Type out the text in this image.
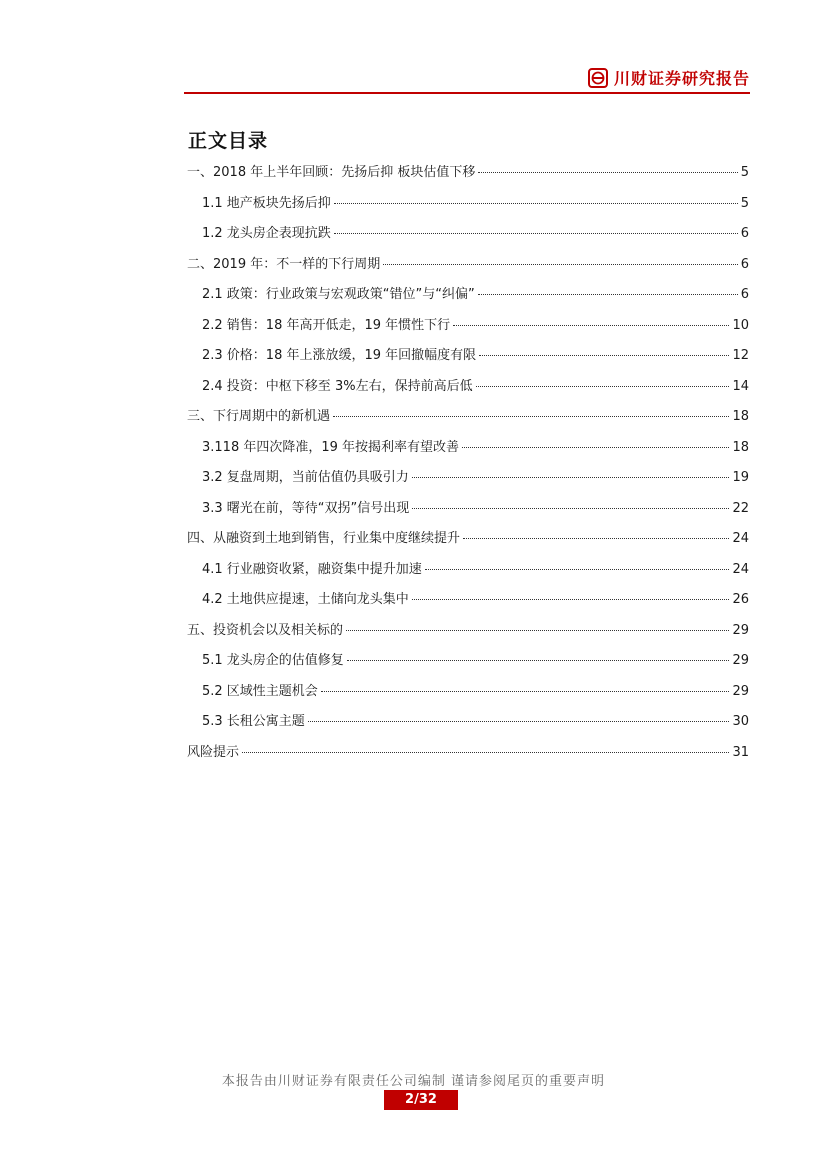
川财证券研究报告
正文目录
一、2018 年上半年回顾：先扬后抑 板块估值下移	5
1.1 地产板块先扬后抑	5
1.2 龙头房企表现抗跌	6
二、2019 年：不一样的下行周期	6
2.1 政策：行业政策与宏观政策“错位”与“纠偏”	6
2.2 销售：18 年高开低走，19 年惯性下行	10
2.3 价格：18 年上涨放缓，19 年回撤幅度有限	12
2.4 投资：中枢下移至 3%左右，保持前高后低	14
三、下行周期中的新机遇	18
3.118 年四次降准，19 年按揭利率有望改善	18
3.2 复盘周期，当前估值仍具吸引力	19
3.3 曙光在前，等待“双拐”信号出现	22
四、从融资到土地到销售，行业集中度继续提升	24
4.1 行业融资收紧，融资集中提升加速	24
4.2 土地供应提速，土储向龙头集中	26
五、投资机会以及相关标的	29
5.1 龙头房企的估值修复	29
5.2 区域性主题机会	29
5.3 长租公寓主题	30
风险提示	31
本报告由川财证券有限责任公司编制 谨请参阅尾页的重要声明
2/32
